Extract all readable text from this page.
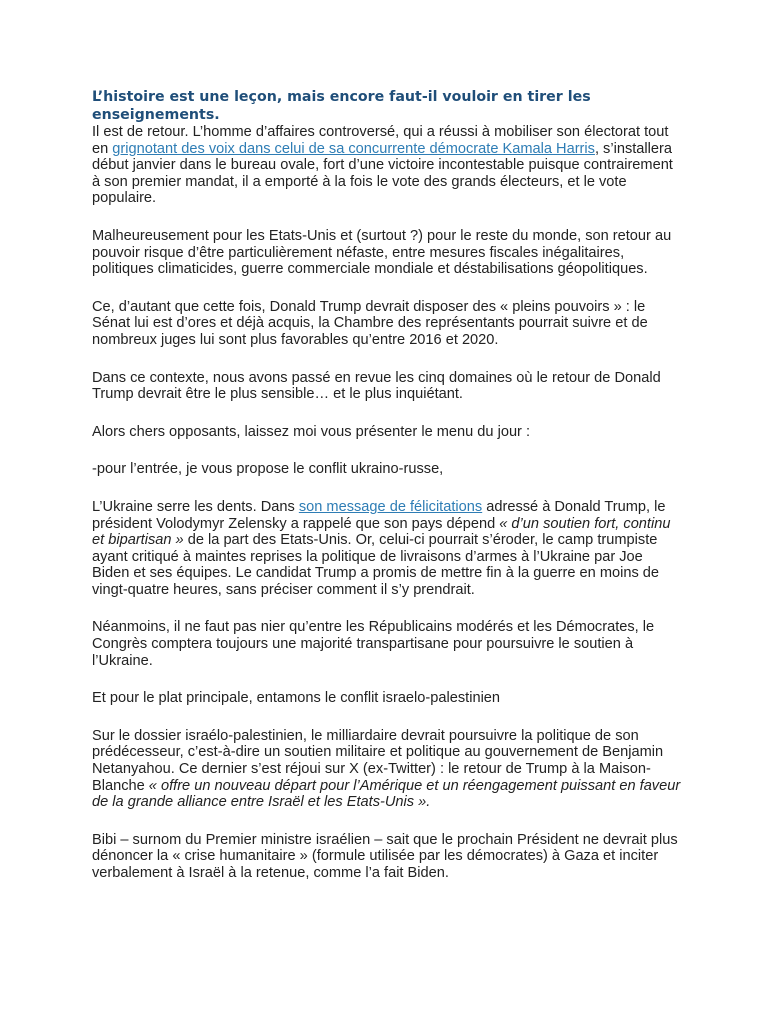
L’histoire est une leçon, mais encore faut-il vouloir en tirer les
enseignements.

Il est de retour. L’homme d’affaires controversé, qui a réussi à mobiliser son électorat tout en grignotant des voix dans celui de sa concurrente démocrate Kamala Harris, s’installera début janvier dans le bureau ovale, fort d’une victoire incontestable puisque contrairement à son premier mandat, il a emporté à la fois le vote des grands électeurs, et le vote populaire.

Malheureusement pour les Etats-Unis et (surtout ?) pour le reste du monde, son retour au pouvoir risque d’être particulièrement néfaste, entre mesures fiscales inégalitaires, politiques climaticides, guerre commerciale mondiale et déstabilisations géopolitiques.

Ce, d’autant que cette fois, Donald Trump devrait disposer des « pleins pouvoirs » : le Sénat lui est d’ores et déjà acquis, la Chambre des représentants pourrait suivre et de nombreux juges lui sont plus favorables qu’entre 2016 et 2020.

Dans ce contexte, nous avons passé en revue les cinq domaines où le retour de Donald Trump devrait être le plus sensible… et le plus inquiétant.

Alors chers opposants, laissez moi vous présenter le menu du jour :

-pour l’entrée, je vous propose le conflit ukraino-russe,

L’Ukraine serre les dents. Dans son message de félicitations adressé à Donald Trump, le président Volodymyr Zelensky a rappelé que son pays dépend « d’un soutien fort, continu et bipartisan » de la part des Etats-Unis. Or, celui-ci pourrait s’éroder, le camp trumpiste ayant critiqué à maintes reprises la politique de livraisons d’armes à l’Ukraine par Joe Biden et ses équipes. Le candidat Trump a promis de mettre fin à la guerre en moins de vingt-quatre heures, sans préciser comment il s’y prendrait.

Néanmoins, il ne faut pas nier qu’entre les Républicains modérés et les Démocrates, le Congrès comptera toujours une majorité transpartisane pour poursuivre le soutien à l’Ukraine.

Et pour le plat principale, entamons le conflit israelo-palestinien

Sur le dossier israélo-palestinien, le milliardaire devrait poursuivre la politique de son prédécesseur, c’est-à-dire un soutien militaire et politique au gouvernement de Benjamin Netanyahou. Ce dernier s’est réjoui sur X (ex-Twitter) : le retour de Trump à la Maison-Blanche « offre un nouveau départ pour l’Amérique et un réengagement puissant en faveur de la grande alliance entre Israël et les Etats-Unis ».

Bibi – surnom du Premier ministre israélien – sait que le prochain Président ne devrait plus dénoncer la « crise humanitaire » (formule utilisée par les démocrates) à Gaza et inciter verbalement à Israël à la retenue, comme l’a fait Biden.
